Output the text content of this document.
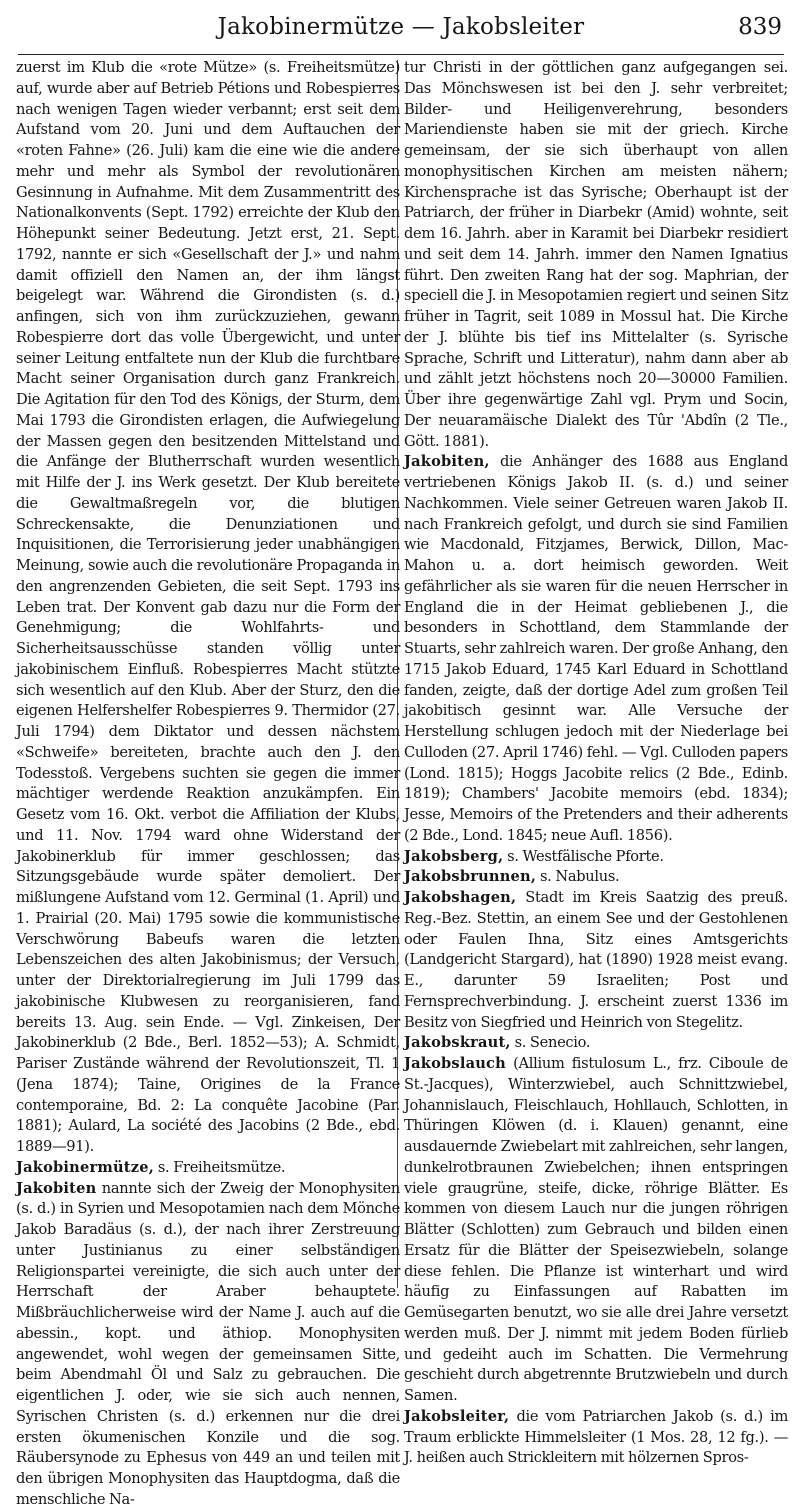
Jakobinermütze — Jakobsleiter	839

zuerst im Klub die «rote Mütze» (s. Freiheitsmütze) auf, wurde aber auf Betrieb Pétions und Robespierres nach wenigen Tagen wieder verbannt; erst seit dem Aufstand vom 20. Juni und dem Auftauchen der «roten Fahne» (26. Juli) kam die eine wie die andere mehr und mehr als Symbol der revolutionären Gesinnung in Aufnahme. Mit dem Zusammentritt des Nationalkonvents (Sept. 1792) erreichte der Klub den Höhepunkt seiner Bedeutung. Jetzt erst, 21. Sept. 1792, nannte er sich «Gesellschaft der J.» und nahm damit offiziell den Namen an, der ihm längst beigelegt war. Während die Girondisten (s. d.) anfingen, sich von ihm zurückzuziehen, gewann Robespierre dort das volle Übergewicht, und unter seiner Leitung entfaltete nun der Klub die furchtbare Macht seiner Organisation durch ganz Frankreich. Die Agitation für den Tod des Königs, der Sturm, dem Mai 1793 die Girondisten erlagen, die Aufwiegelung der Massen gegen den besitzenden Mittelstand und die Anfänge der Blutherrschaft wurden wesentlich mit Hilfe der J. ins Werk gesetzt. Der Klub bereitete die Gewaltmaßregeln vor, die blutigen Schreckensakte, die Denunziationen und Inquisitionen, die Terrorisierung jeder unabhängigen Meinung, sowie auch die revolutionäre Propaganda in den angrenzenden Gebieten, die seit Sept. 1793 ins Leben trat. Der Konvent gab dazu nur die Form der Genehmigung; die Wohlfahrts- und Sicherheitsausschüsse standen völlig unter jakobinischem Einfluß. Robespierres Macht stützte sich wesentlich auf den Klub. Aber der Sturz, den die eigenen Helfershelfer Robespierres 9. Thermidor (27. Juli 1794) dem Diktator und dessen nächstem «Schweife» bereiteten, brachte auch den J. den Todesstoß. Vergebens suchten sie gegen die immer mächtiger werdende Reaktion anzukämpfen. Ein Gesetz vom 16. Okt. verbot die Affiliation der Klubs, und 11. Nov. 1794 ward ohne Widerstand der Jakobinerklub für immer geschlossen; das Sitzungsgebäude wurde später demoliert. Der mißlungene Aufstand vom 12. Germinal (1. April) und 1. Prairial (20. Mai) 1795 sowie die kommunistische Verschwörung Babeufs waren die letzten Lebenszeichen des alten Jakobinismus; der Versuch, unter der Direktorialregierung im Juli 1799 das jakobinische Klubwesen zu reorganisieren, fand bereits 13. Aug. sein Ende. — Vgl. Zinkeisen, Der Jakobinerklub (2 Bde., Berl. 1852—53); A. Schmidt, Pariser Zustände während der Revolutionszeit, Tl. 1 (Jena 1874); Taine, Origines de la France contemporaine, Bd. 2: La conquête Jacobine (Par. 1881); Aulard, La société des Jacobins (2 Bde., ebd. 1889—91).

Jakobinermütze, s. Freiheitsmütze.

Jakobiten nannte sich der Zweig der Monophysiten (s. d.) in Syrien und Mesopotamien nach dem Mönche Jakob Baradäus (s. d.), der nach ihrer Zerstreuung unter Justinianus zu einer selbständigen Religionspartei vereinigte, die sich auch unter der Herrschaft der Araber behauptete. Mißbräuchlicherweise wird der Name J. auch auf die abessin., kopt. und äthiop. Monophysiten angewendet, wohl wegen der gemeinsamen Sitte, beim Abendmahl Öl und Salz zu gebrauchen. Die eigentlichen J. oder, wie sie sich auch nennen, Syrischen Christen (s. d.) erkennen nur die drei ersten ökumenischen Konzile und die sog. Räubersynode zu Ephesus von 449 an und teilen mit den übrigen Monophysiten das Hauptdogma, daß die menschliche Na-

tur Christi in der göttlichen ganz aufgegangen sei. Das Mönchswesen ist bei den J. sehr verbreitet; Bilder- und Heiligenverehrung, besonders Mariendienste haben sie mit der griech. Kirche gemeinsam, der sie sich überhaupt von allen monophysitischen Kirchen am meisten nähern; Kirchensprache ist das Syrische; Oberhaupt ist der Patriarch, der früher in Diarbekr (Amid) wohnte, seit dem 16. Jahrh. aber in Karamit bei Diarbekr residiert und seit dem 14. Jahrh. immer den Namen Ignatius führt. Den zweiten Rang hat der sog. Maphrian, der speciell die J. in Mesopotamien regiert und seinen Sitz früher in Tagrit, seit 1089 in Mossul hat. Die Kirche der J. blühte bis tief ins Mittelalter (s. Syrische Sprache, Schrift und Litteratur), nahm dann aber ab und zählt jetzt höchstens noch 20—30000 Familien. Über ihre gegenwärtige Zahl vgl. Prym und Socin, Der neuaramäische Dialekt des Tûr 'Abdîn (2 Tle., Gött. 1881).

Jakobiten, die Anhänger des 1688 aus England vertriebenen Königs Jakob II. (s. d.) und seiner Nachkommen. Viele seiner Getreuen waren Jakob II. nach Frankreich gefolgt, und durch sie sind Familien wie Macdonald, Fitzjames, Berwick, Dillon, Mac-Mahon u. a. dort heimisch geworden. Weit gefährlicher als sie waren für die neuen Herrscher in England die in der Heimat gebliebenen J., die besonders in Schottland, dem Stammlande der Stuarts, sehr zahlreich waren. Der große Anhang, den 1715 Jakob Eduard, 1745 Karl Eduard in Schottland fanden, zeigte, daß der dortige Adel zum großen Teil jakobitisch gesinnt war. Alle Versuche der Herstellung schlugen jedoch mit der Niederlage bei Culloden (27. April 1746) fehl. — Vgl. Culloden papers (Lond. 1815); Hoggs Jacobite relics (2 Bde., Edinb. 1819); Chambers' Jacobite memoirs (ebd. 1834); Jesse, Memoirs of the Pretenders and their adherents (2 Bde., Lond. 1845; neue Aufl. 1856).

Jakobsberg, s. Westfälische Pforte.

Jakobsbrunnen, s. Nabulus.

Jakobshagen, Stadt im Kreis Saatzig des preuß. Reg.-Bez. Stettin, an einem See und der Gestohlenen oder Faulen Ihna, Sitz eines Amtsgerichts (Landgericht Stargard), hat (1890) 1928 meist evang. E., darunter 59 Israeliten; Post und Fernsprechverbindung. J. erscheint zuerst 1336 im Besitz von Siegfried und Heinrich von Stegelitz.

Jakobskraut, s. Senecio.

Jakobslauch (Allium fistulosum L., frz. Ciboule de St.-Jacques), Winterzwiebel, auch Schnittzwiebel, Johannislauch, Fleischlauch, Hohllauch, Schlotten, in Thüringen Klöwen (d. i. Klauen) genannt, eine ausdauernde Zwiebelart mit zahlreichen, sehr langen, dunkelrotbraunen Zwiebelchen; ihnen entspringen viele graugrüne, steife, dicke, röhrige Blätter. Es kommen von diesem Lauch nur die jungen röhrigen Blätter (Schlotten) zum Gebrauch und bilden einen Ersatz für die Blätter der Speisezwiebeln, solange diese fehlen. Die Pflanze ist winterhart und wird häufig zu Einfassungen auf Rabatten im Gemüsegarten benutzt, wo sie alle drei Jahre versetzt werden muß. Der J. nimmt mit jedem Boden fürlieb und gedeiht auch im Schatten. Die Vermehrung geschieht durch abgetrennte Brutzwiebeln und durch Samen.

Jakobsleiter, die vom Patriarchen Jakob (s. d.) im Traum erblickte Himmelsleiter (1 Mos. 28, 12 fg.). — J. heißen auch Strickleitern mit hölzernen Spros-
